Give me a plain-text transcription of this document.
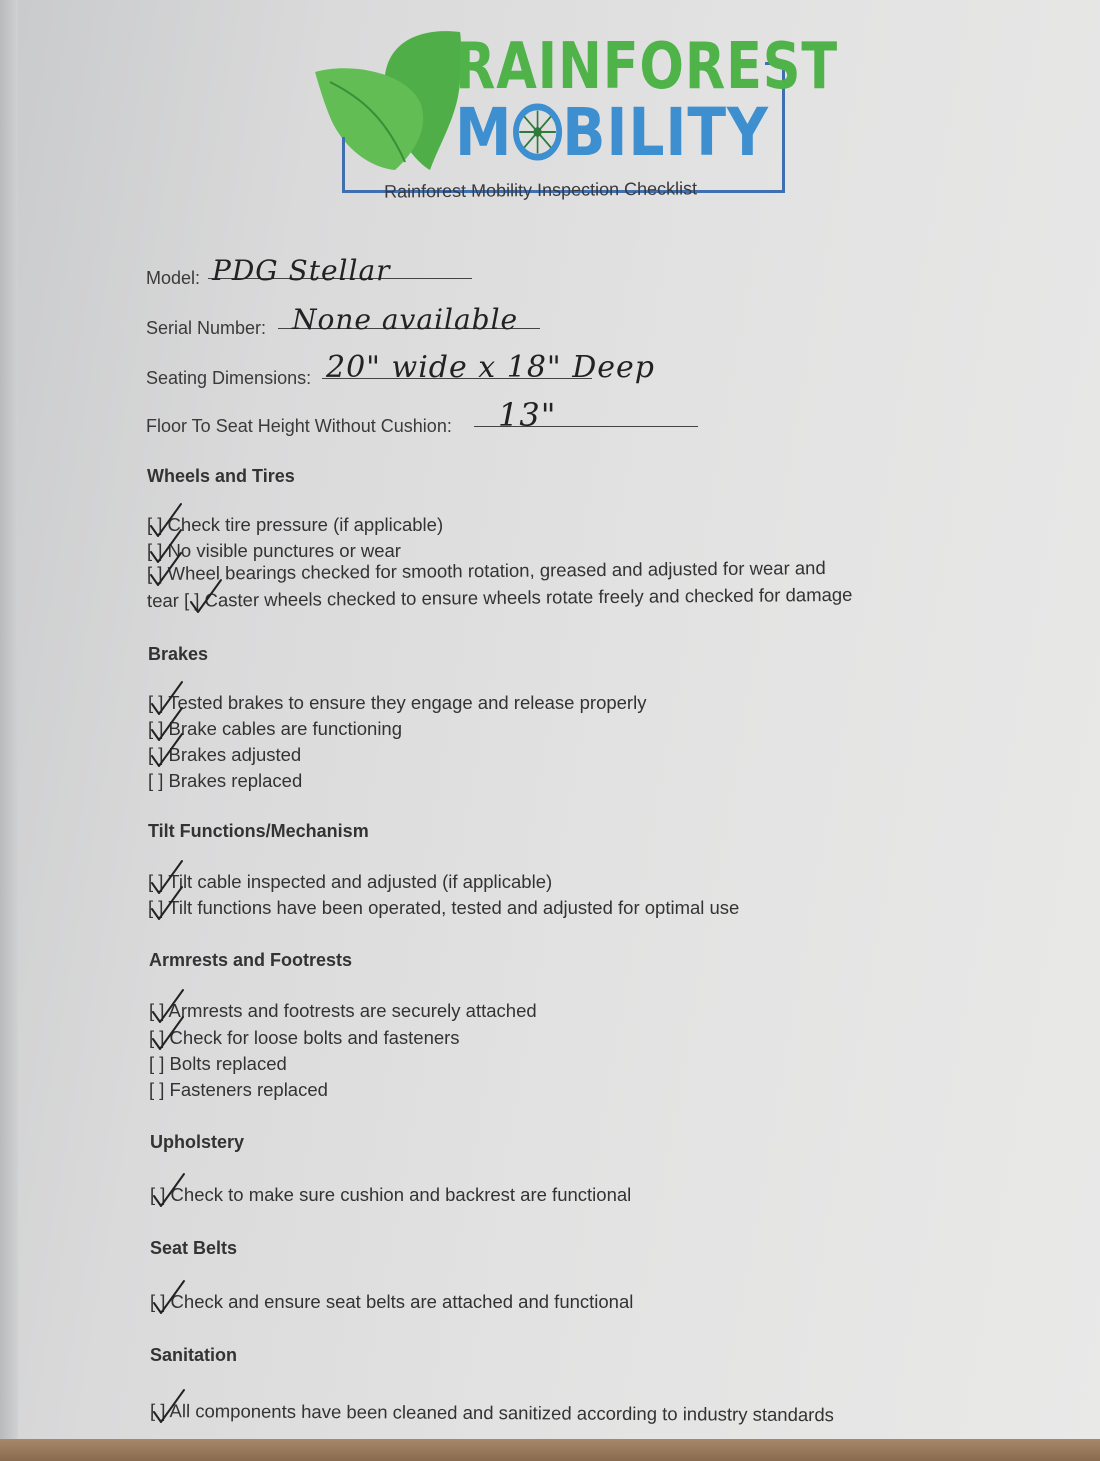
RAINFOREST
M BILITY
Rainforest Mobility Inspection Checklist
Model: PDG Stellar
Serial Number: None available
Seating Dimensions: 20" wide x 18" Deep
Floor To Seat Height Without Cushion: 13"
Wheels and Tires
[ ] Check tire pressure (if applicable)
[ ] No visible punctures or wear
[ ] Wheel bearings checked for smooth rotation, greased and adjusted for wear and
tear [ ] Caster wheels checked to ensure wheels rotate freely and checked for damage
Brakes
[ ] Tested brakes to ensure they engage and release properly
[ ] Brake cables are functioning
[ ] Brakes adjusted
[ ] Brakes replaced
Tilt Functions/Mechanism
[ ] Tilt cable inspected and adjusted (if applicable)
[ ] Tilt functions have been operated, tested and adjusted for optimal use
Armrests and Footrests
[ ] Armrests and footrests are securely attached
[ ] Check for loose bolts and fasteners
[ ] Bolts replaced
[ ] Fasteners replaced
Upholstery
[ ] Check to make sure cushion and backrest are functional
Seat Belts
[ ] Check and ensure seat belts are attached and functional
Sanitation
[ ] All components have been cleaned and sanitized according to industry standards
